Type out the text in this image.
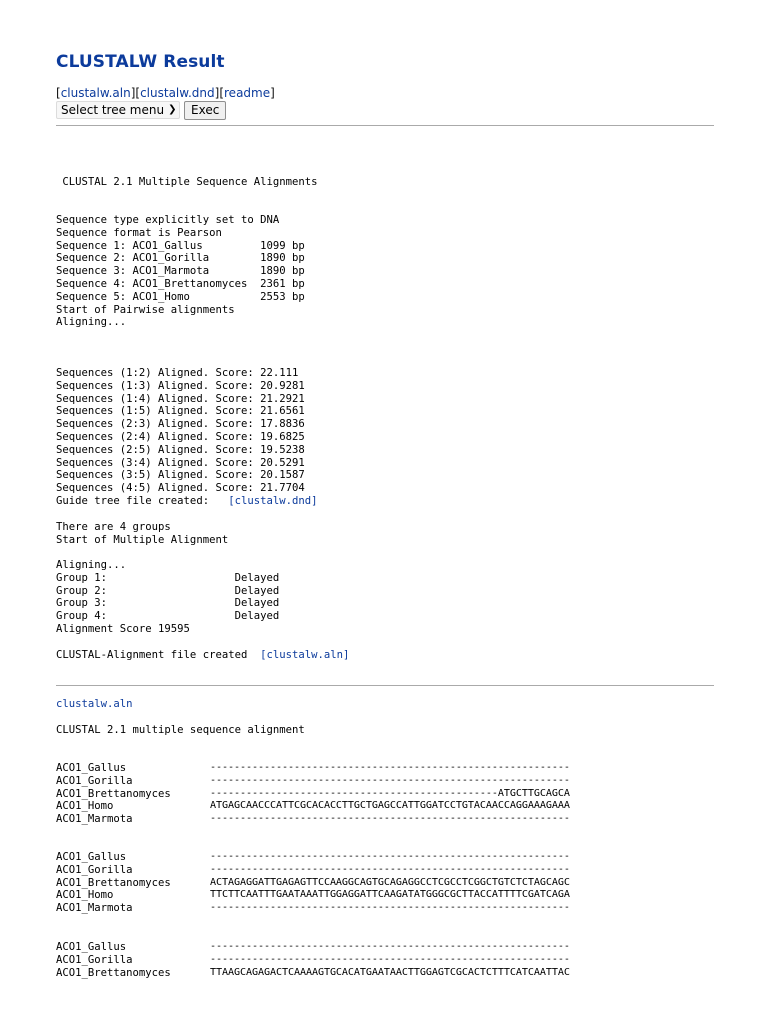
CLUSTALW Result
[clustalw.aln][clustalw.dnd][readme]
Select tree menu ❯	Exec
CLUSTAL 2.1 Multiple Sequence Alignments
Sequence type explicitly set to DNA
Sequence format is Pearson
Sequence 1: ACO1_Gallus         1099 bp
Sequence 2: ACO1_Gorilla        1890 bp
Sequence 3: ACO1_Marmota        1890 bp
Sequence 4: ACO1_Brettanomyces  2361 bp
Sequence 5: ACO1_Homo           2553 bp
Start of Pairwise alignments
Aligning...
Sequences (1:2) Aligned. Score: 22.111
Sequences (1:3) Aligned. Score: 20.9281
Sequences (1:4) Aligned. Score: 21.2921
Sequences (1:5) Aligned. Score: 21.6561
Sequences (2:3) Aligned. Score: 17.8836
Sequences (2:4) Aligned. Score: 19.6825
Sequences (2:5) Aligned. Score: 19.5238
Sequences (3:4) Aligned. Score: 20.5291
Sequences (3:5) Aligned. Score: 20.1587
Sequences (4:5) Aligned. Score: 21.7704
Guide tree file created: [clustalw.dnd]
There are 4 groups
Start of Multiple Alignment
Aligning...
Group 1:                    Delayed
Group 2:                    Delayed
Group 3:                    Delayed
Group 4:                    Delayed
Alignment Score 19595
CLUSTAL-Alignment file created [clustalw.aln]
clustalw.aln
CLUSTAL 2.1 multiple sequence alignment
ACO1_Gallus	------------------------------------------------------------
ACO1_Gorilla	------------------------------------------------------------
ACO1_Brettanomyces	------------------------------------------------ATGCTTGCAGCA
ACO1_Homo	ATGAGCAACCCATTCGCACACCTTGCTGAGCCATTGGATCCTGTACAACCAGGAAAGAAA
ACO1_Marmota	------------------------------------------------------------
ACO1_Gallus	------------------------------------------------------------
ACO1_Gorilla	------------------------------------------------------------
ACO1_Brettanomyces	ACTAGAGGATTGAGAGTTCCAAGGCAGTGCAGAGGCCTCGCCTCGGCTGTCTCTAGCAGC
ACO1_Homo	TTCTTCAATTTGAATAAATTGGAGGATTCAAGATATGGGCGCTTACCATTTTCGATCAGA
ACO1_Marmota	------------------------------------------------------------
ACO1_Gallus	------------------------------------------------------------
ACO1_Gorilla	------------------------------------------------------------
ACO1_Brettanomyces	TTAAGCAGAGACTCAAAAGTGCACATGAATAACTTGGAGTCGCACTCTTTCATCAATTAC
